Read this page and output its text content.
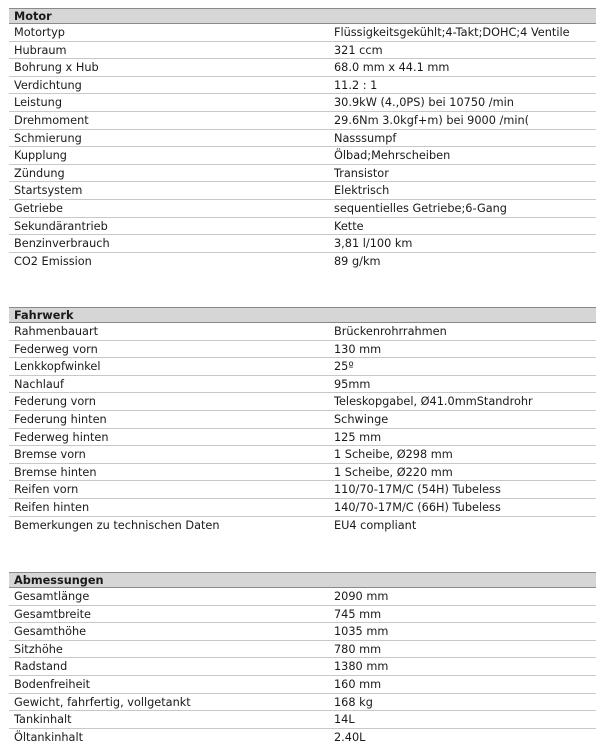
Motor
Motortyp	Flüssigkeitsgekühlt;4-Takt;DOHC;4 Ventile
Hubraum	321 ccm
Bohrung x Hub	68.0 mm x 44.1 mm
Verdichtung	11.2 : 1
Leistung	30.9kW (4.,0PS) bei 10750 /min
Drehmoment	29.6Nm 3.0kgf+m) bei 9000 /min(
Schmierung	Nasssumpf
Kupplung	Ölbad;Mehrscheiben
Zündung	Transistor
Startsystem	Elektrisch
Getriebe	sequentielles Getriebe;6-Gang
Sekundärantrieb	Kette
Benzinverbrauch	3,81 l/100 km
CO2 Emission	89 g/km
Fahrwerk
Rahmenbauart	Brückenrohrrahmen
Federweg vorn	130 mm
Lenkkopfwinkel	25º
Nachlauf	95mm
Federung vorn	Teleskopgabel, Ø41.0mmStandrohr
Federung hinten	Schwinge
Federweg hinten	125 mm
Bremse vorn	1 Scheibe, Ø298 mm
Bremse hinten	1 Scheibe, Ø220 mm
Reifen vorn	110/70-17M/C (54H) Tubeless
Reifen hinten	140/70-17M/C (66H) Tubeless
Bemerkungen zu technischen Daten	EU4 compliant
Abmessungen
Gesamtlänge	2090 mm
Gesamtbreite	745 mm
Gesamthöhe	1035 mm
Sitzhöhe	780 mm
Radstand	1380 mm
Bodenfreiheit	160 mm
Gewicht, fahrfertig, vollgetankt	168 kg
Tankinhalt	14L
Öltankinhalt	2.40L
